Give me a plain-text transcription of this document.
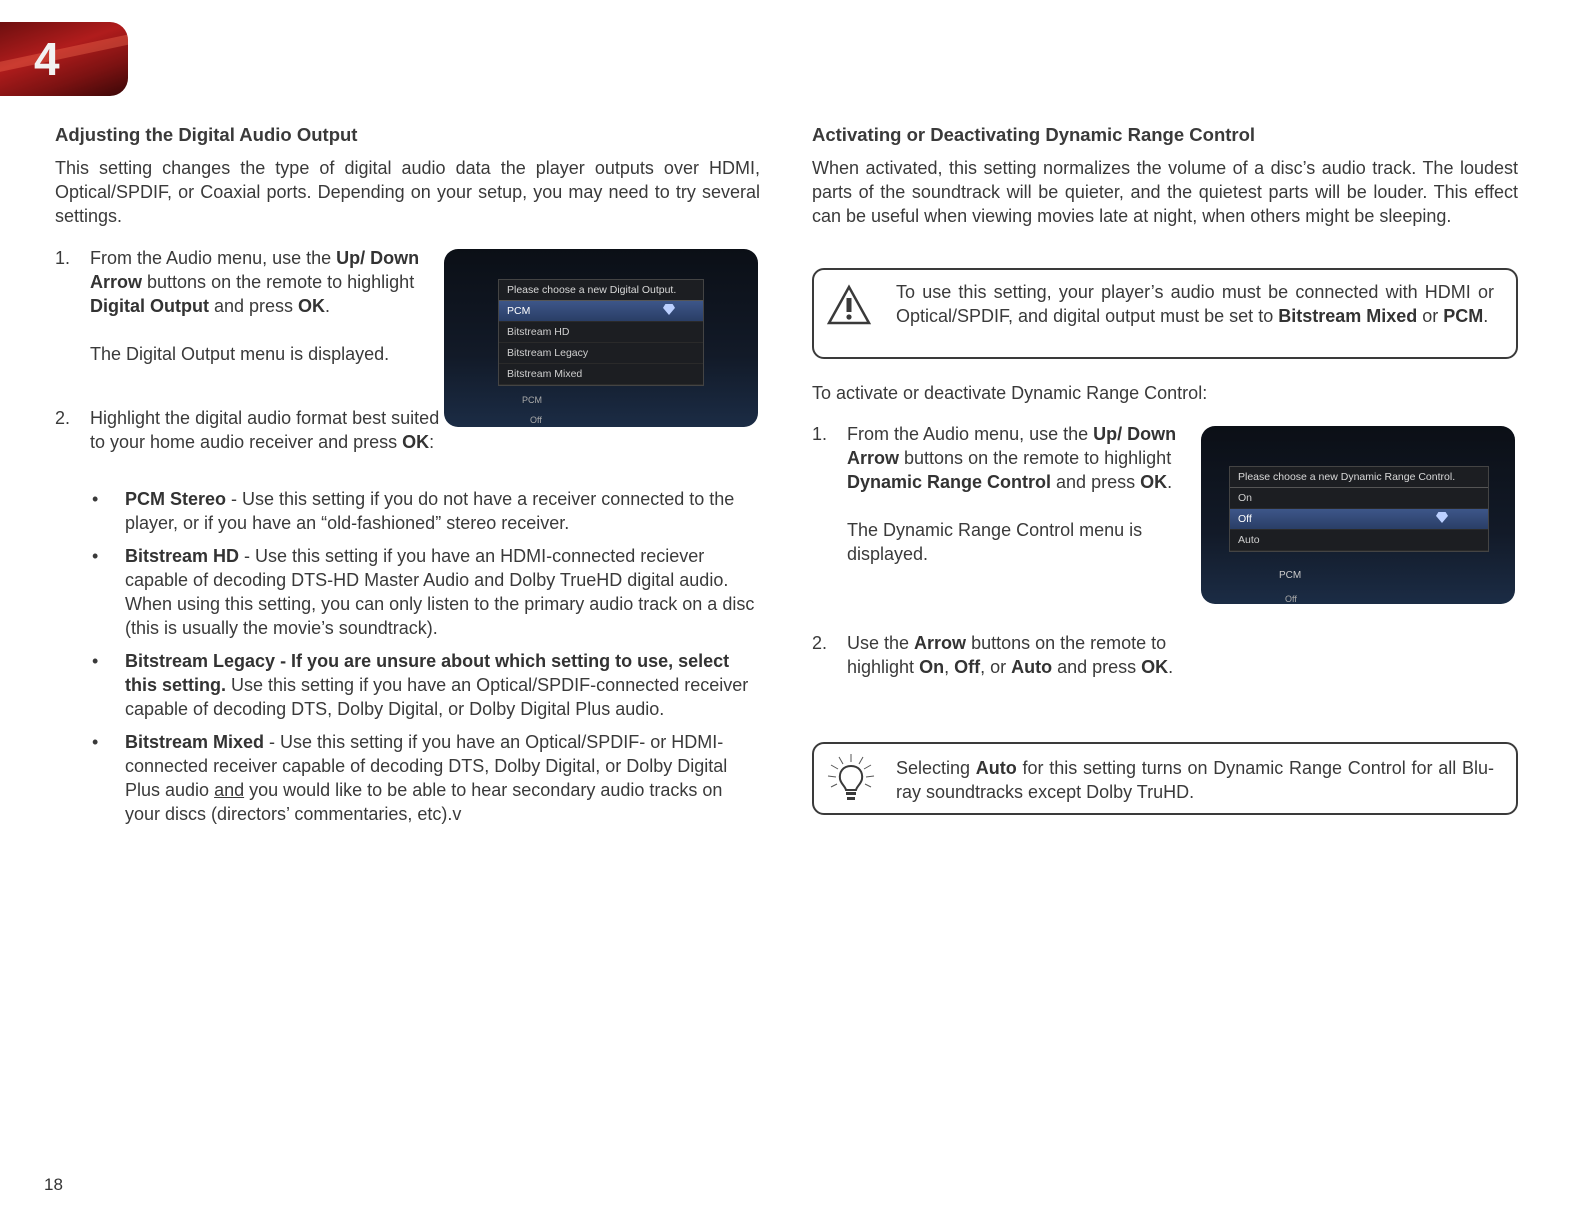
4
Adjusting the Digital Audio Output

This setting changes the type of digital audio data the player outputs over HDMI, Optical/SPDIF, or Coaxial ports. Depending on your setup, you may need to try several settings.

1. From the Audio menu, use the Up/ Down Arrow buttons on the remote to highlight Digital Output and press OK.

The Digital Output menu is displayed.

Please choose a new Digital Output.
PCM
Bitstream HD
Bitstream Legacy
Bitstream Mixed
PCM
Off
2. Highlight the digital audio format best suited to your home audio receiver and press OK:
• PCM Stereo - Use this setting if you do not have a receiver connected to the player, or if you have an “old-fashioned” stereo receiver.
• Bitstream HD - Use this setting if you have an HDMI-connected reciever capable of decoding DTS-HD Master Audio and Dolby TrueHD digital audio. When using this setting, you can only listen to the primary audio track on a disc (this is usually the movie’s soundtrack).
• Bitstream Legacy - If you are unsure about which setting to use, select this setting. Use this setting if you have an Optical/SPDIF-connected receiver capable of decoding DTS, Dolby Digital, or Dolby Digital Plus audio.
• Bitstream Mixed - Use this setting if you have an Optical/SPDIF- or HDMI-connected receiver capable of decoding DTS, Dolby Digital, or Dolby Digital Plus audio and you would like to be able to hear secondary audio tracks on your discs (directors’ commentaries, etc).v
Activating or Deactivating Dynamic Range Control

When activated, this setting normalizes the volume of a disc’s audio track. The loudest parts of the soundtrack will be quieter, and the quietest parts will be louder. This effect can be useful when viewing movies late at night, when others might be sleeping.

To use this setting, your player’s audio must be connected with HDMI or Optical/SPDIF, and digital output must be set to Bitstream Mixed or PCM.

To activate or deactivate Dynamic Range Control:

1. From the Audio menu, use the Up/ Down Arrow buttons on the remote to highlight Dynamic Range Control and press OK.

The Dynamic Range Control menu is displayed.

Please choose a new Dynamic Range Control.
On
Off
Auto
PCM
Off
2. Use the Arrow buttons on the remote to highlight On, Off, or Auto and press OK.
Selecting Auto for this setting turns on Dynamic Range Control for all Blu-ray soundtracks except Dolby TruHD.
18
